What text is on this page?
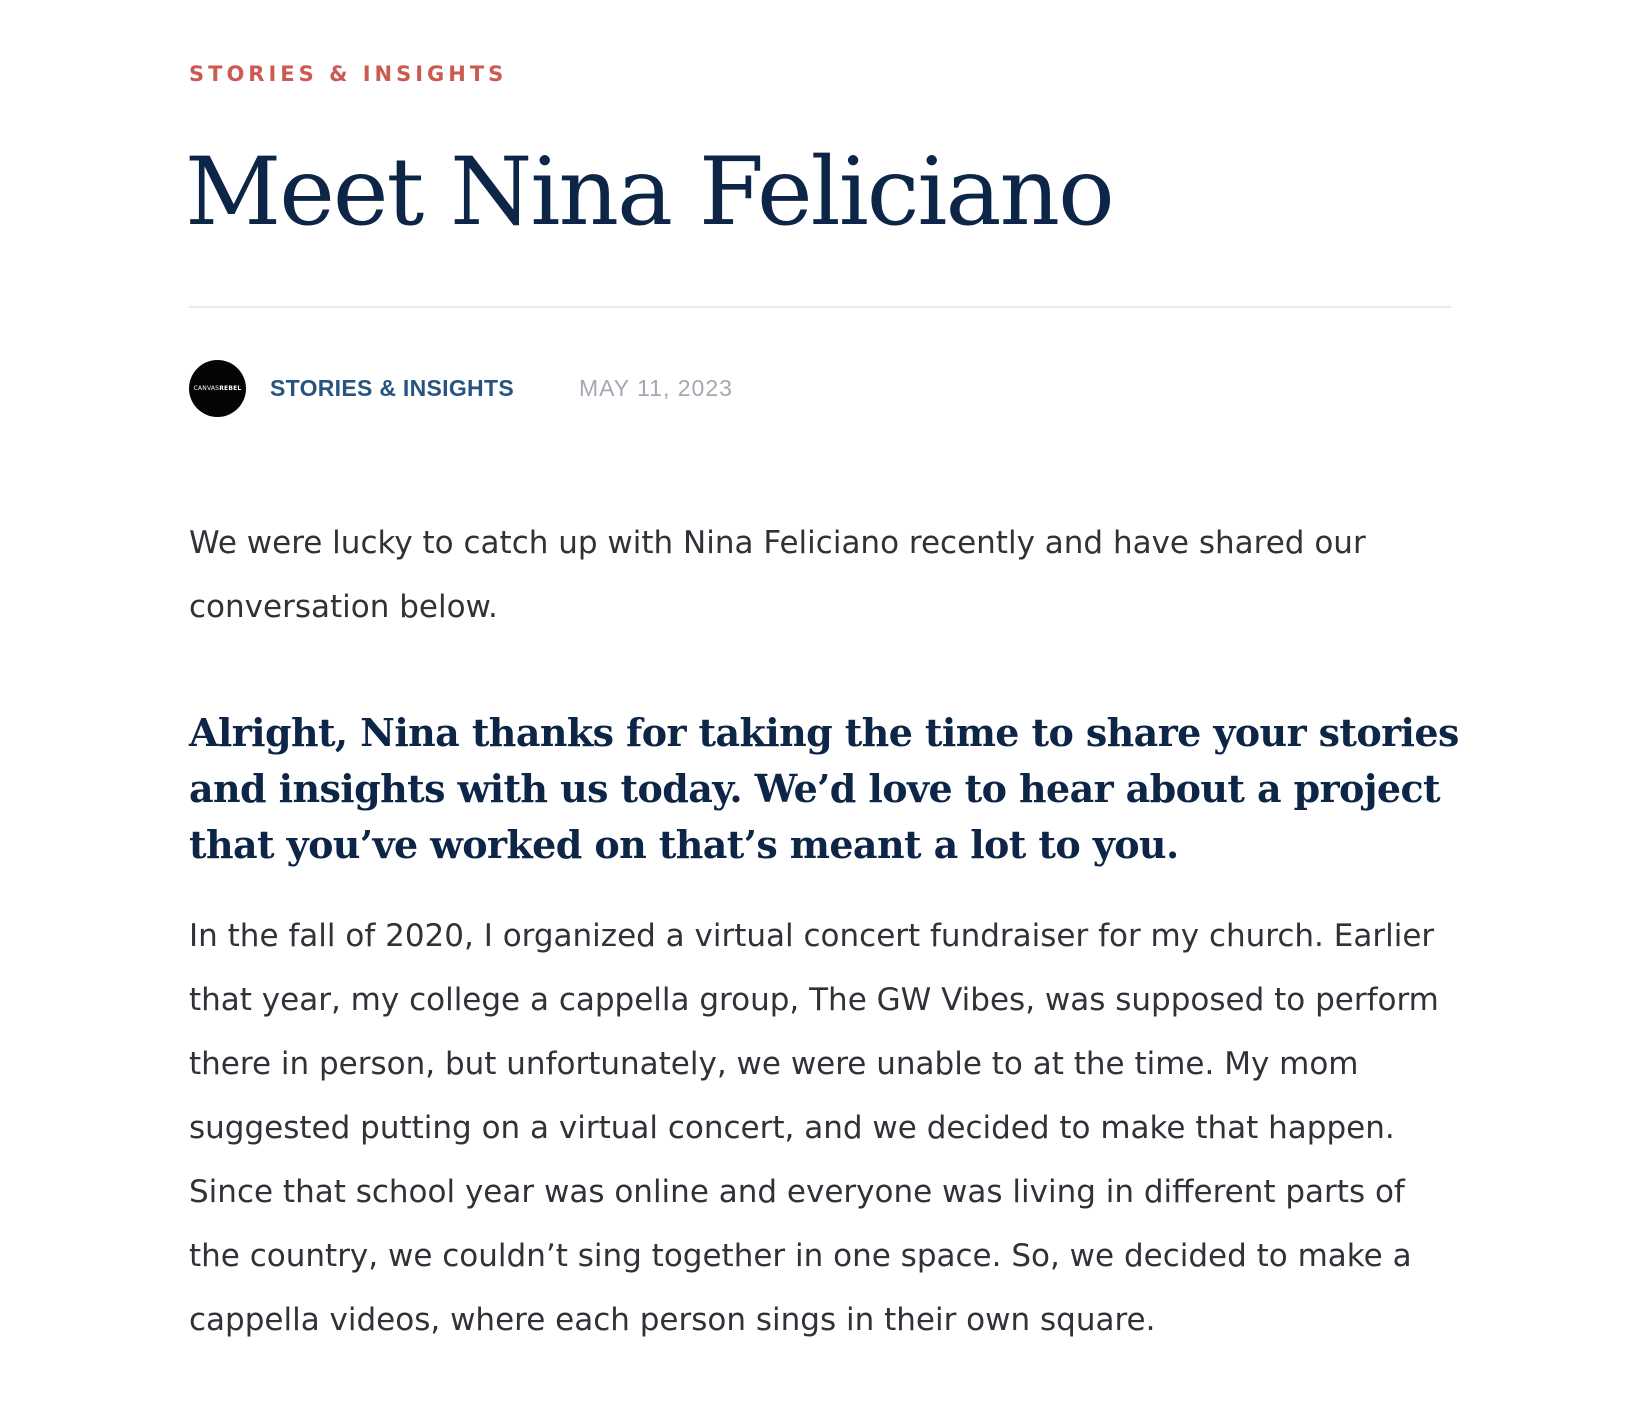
STORIES & INSIGHTS
Meet Nina Feliciano
CANVASREBEL STORIES & INSIGHTS	MAY 11, 2023

We were lucky to catch up with Nina Feliciano recently and have shared our conversation below.

Alright, Nina thanks for taking the time to share your stories and insights with us today. We’d love to hear about a project that you’ve worked on that’s meant a lot to you.

In the fall of 2020, I organized a virtual concert fundraiser for my church. Earlier that year, my college a cappella group, The GW Vibes, was supposed to perform there in person, but unfortunately, we were unable to at the time. My mom suggested putting on a virtual concert, and we decided to make that happen. Since that school year was online and everyone was living in different parts of the country, we couldn’t sing together in one space. So, we decided to make a cappella videos, where each person sings in their own square.
